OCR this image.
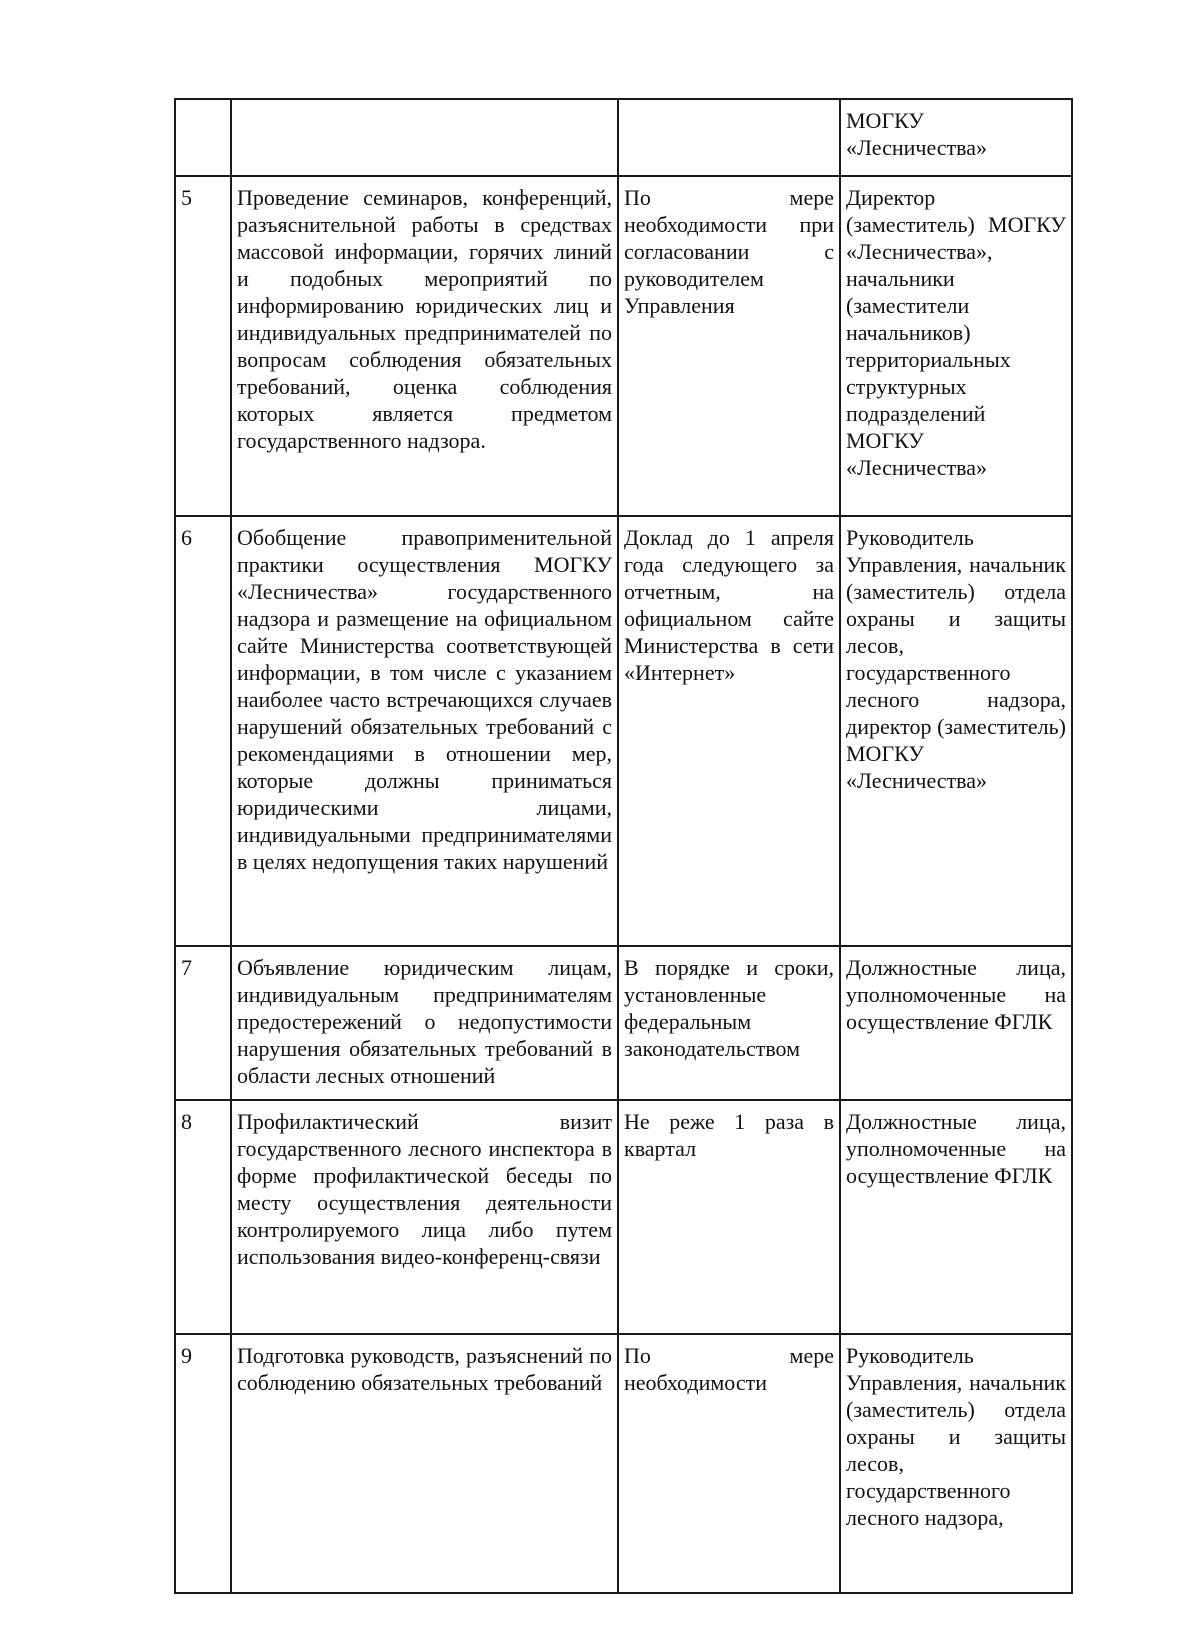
			МОГКУ «Лесничества»
5	Проведение семинаров, конференций, разъяснительной работы в средствах массовой информации, горячих линий и подобных мероприятий по информированию юридических лиц и индивидуальных предпринимателей по вопросам соблюдения обязательных требований, оценка соблюдения которых является предметом государственного надзора.	По мере необходимости при согласовании с руководителем Управления	Директор (заместитель) МОГКУ «Лесничества», начальники (заместители начальников) территориальных структурных подразделений МОГКУ «Лесничества»
6	Обобщение правоприменительной практики осуществления МОГКУ «Лесничества» государственного надзора и размещение на официальном сайте Министерства соответствующей информации, в том числе с указанием наиболее часто встречающихся случаев нарушений обязательных требований с рекомендациями в отношении мер, которые должны приниматься юридическими лицами, индивидуальными предпринимателями в целях недопущения таких нарушений	Доклад до 1 апреля года следующего за отчетным, на официальном сайте Министерства в сети «Интернет»	Руководитель Управления, начальник (заместитель) отдела охраны и защиты лесов, государственного лесного надзора, директор (заместитель) МОГКУ «Лесничества»
7	Объявление юридическим лицам, индивидуальным предпринимателям предостережений о недопустимости нарушения обязательных требований в области лесных отношений	В порядке и сроки, установленные федеральным законодательством	Должностные лица, уполномоченные на осуществление ФГЛК
8	Профилактический визит государственного лесного инспектора в форме профилактической беседы по месту осуществления деятельности контролируемого лица либо путем использования видео-конференц-связи	Не реже 1 раза в квартал	Должностные лица, уполномоченные на осуществление ФГЛК
9	Подготовка руководств, разъяснений по соблюдению обязательных требований	По мере необходимости	Руководитель Управления, начальник (заместитель) отдела охраны и защиты лесов, государственного лесного надзора,
